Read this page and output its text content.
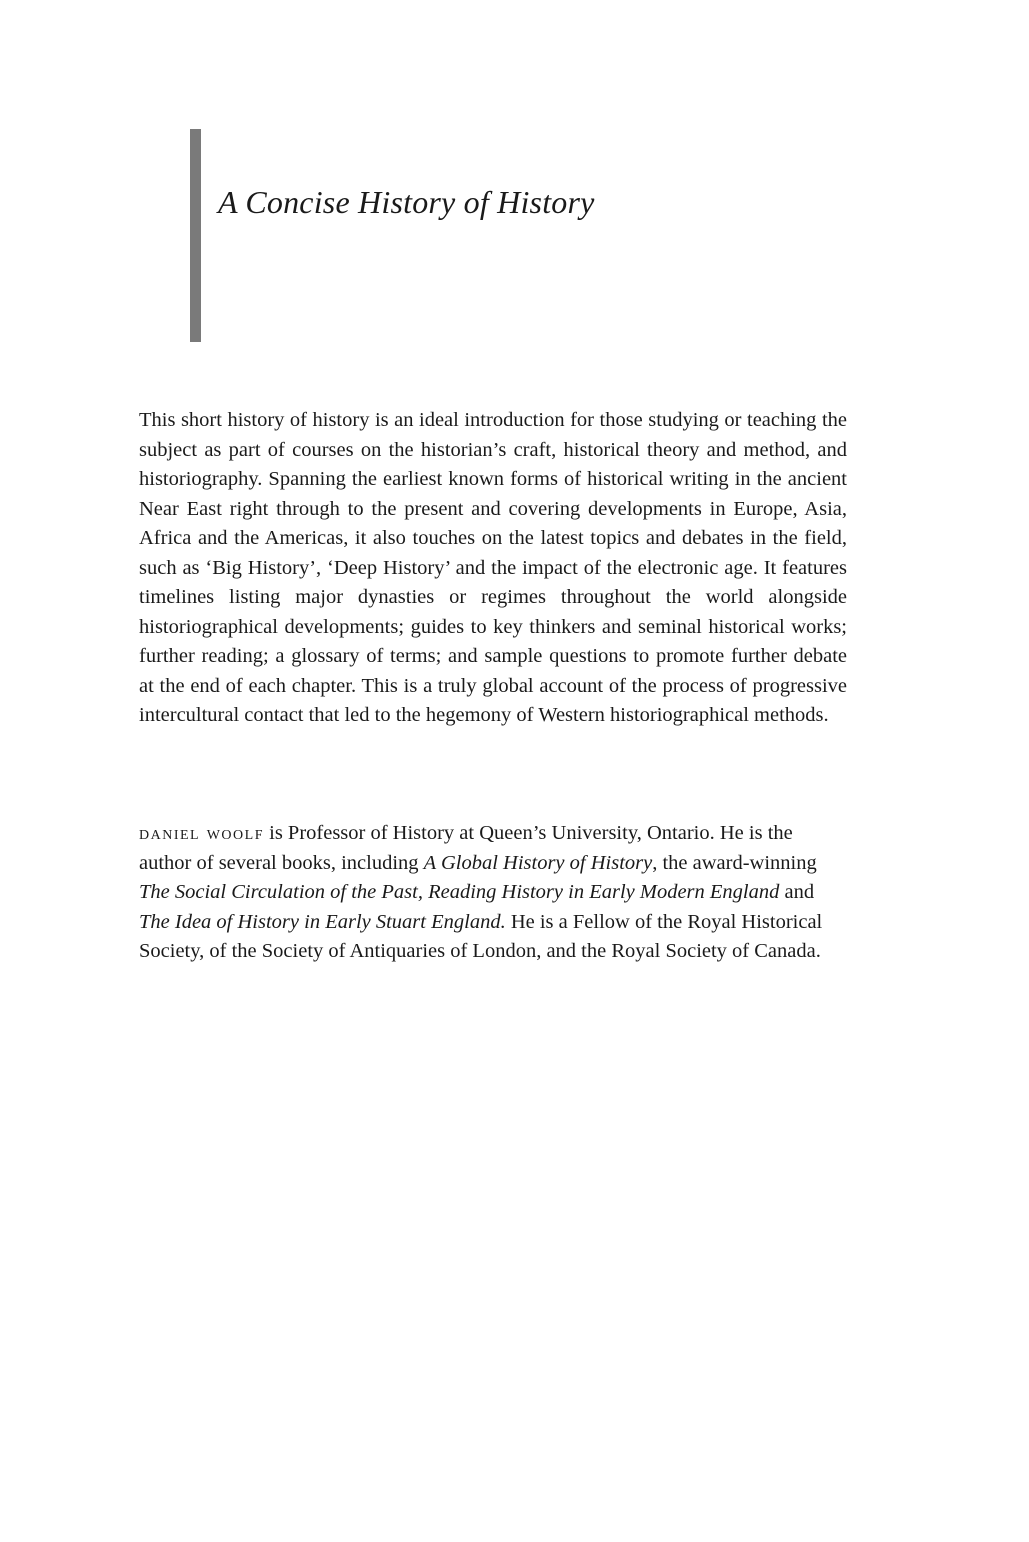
A Concise History of History

This short history of history is an ideal introduction for those studying or teaching the subject as part of courses on the historian’s craft, historical theory and method, and historiography. Spanning the earliest known forms of historical writing in the ancient Near East right through to the present and covering developments in Europe, Asia, Africa and the Americas, it also touches on the latest topics and debates in the field, such as ‘Big History’, ‘Deep History’ and the impact of the electronic age. It features timelines listing major dynasties or regimes throughout the world alongside historiographical developments; guides to key thinkers and seminal historical works; further reading; a glossary of terms; and sample questions to promote further debate at the end of each chapter. This is a truly global account of the process of progressive intercultural contact that led to the hegemony of Western historiographical methods.

daniel woolf is Professor of History at Queen’s University, Ontario. He is the author of several books, including A Global History of History, the award-winning The Social Circulation of the Past, Reading History in Early Modern England and The Idea of History in Early Stuart England. He is a Fellow of the Royal Historical Society, of the Society of Antiquaries of London, and the Royal Society of Canada.
